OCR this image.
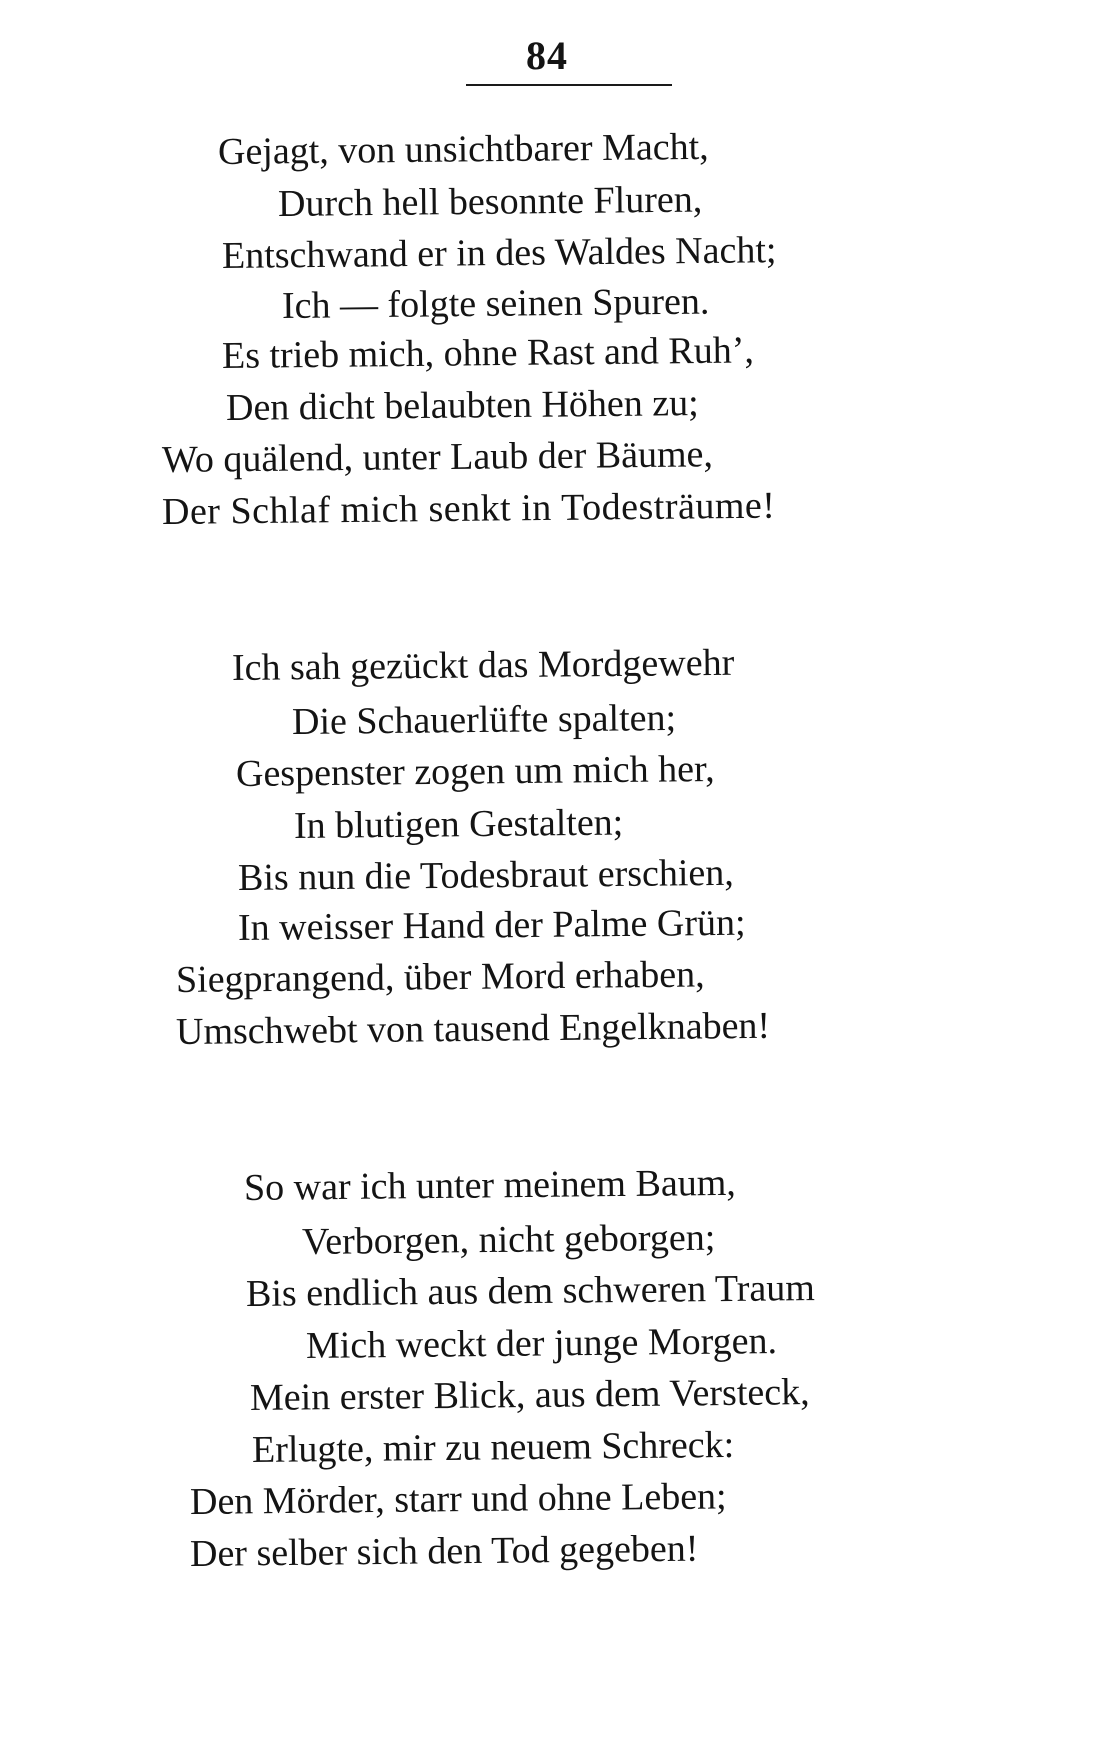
84
Gejagt, von unsichtbarer Macht,
Durch hell besonnte Fluren,
Entschwand er in des Waldes Nacht;
Ich — folgte seinen Spuren.
Es trieb mich, ohne Rast and Ruh’,
Den dicht belaubten Höhen zu;
Wo quälend, unter Laub der Bäume,
Der Schlaf mich senkt in Todesträume!
Ich sah gezückt das Mordgewehr
Die Schauerlüfte spalten;
Gespenster zogen um mich her,
In blutigen Gestalten;
Bis nun die Todesbraut erschien,
In weisser Hand der Palme Grün;
Siegprangend, über Mord erhaben,
Umschwebt von tausend Engelknaben!
So war ich unter meinem Baum,
Verborgen, nicht geborgen;
Bis endlich aus dem schweren Traum
Mich weckt der junge Morgen.
Mein erster Blick, aus dem Versteck,
Erlugte, mir zu neuem Schreck:
Den Mörder, starr und ohne Leben;
Der selber sich den Tod gegeben!
